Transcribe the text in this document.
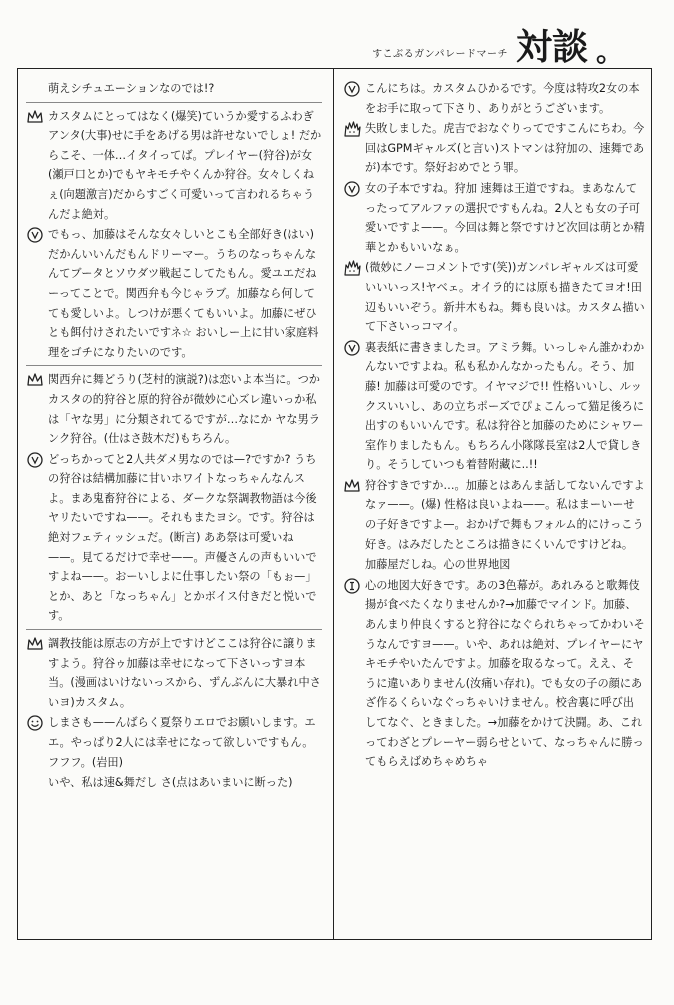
すこぶるガンパレードマーチ 対談 。

萌えシチュエーションなのでは!?

カスタムにとってはなく(爆笑)ていうか愛するふわぎアンタ(大事)せに手をあげる男は許せないでしょ! だからこそ、一体…イタイってば。プレイヤー(狩谷)が女(瀬戸口とか)でもヤキモチやくんか狩谷。女々しくねぇ(向題激言)だからすごく可愛いって言われるちゃうんだよ絶対。

でもっ、加藤はそんな女々しいとこも全部好き(はい)だかんいいんだもんドリーマー。うちのなっちゃんなんてブータとソウダツ戦起こしてたもん。愛ユエだねーってことで。関西弁も今じゃラブ。加藤なら何してても愛しいよ。しつけが悪くてもいいよ。加藤にぜひとも餌付けされたいですネ☆ おいしー上に甘い家庭料理をゴチになりたいのです。

関西弁に舞どうり(芝村的演説?)は恋いよ本当に。つかカスタの的狩谷と原的狩谷が微妙に心ズレ違いっか私は「ヤな男」に分類されてるですが…なにか ヤな男ランク狩谷。(仕はさ鼓木だ)もちろん。

どっちかってと2人共ダメ男なのでは—?ですか? うちの狩谷は結構加藤に甘いホワイトなっちゃんなんスよ。まあ鬼畜狩谷による、ダークな祭調教物語は今後ヤリたいですね——。それもまたヨシ。です。狩谷は絶対フェティッシュだ。(断言) ああ祭は可愛いね——。見てるだけで幸せ——。声優さんの声もいいですよね——。おーいしよに仕事したい祭の「もぉ—」とか、あと「なっちゃん」とかボイス付きだと悦いです。

調教技能は原志の方が上ですけどここは狩谷に譲りますよう。狩谷ゥ加藤は幸せになって下さいっすヨ本当。(漫画はいけないっスから、ずんぶんに大暴れ中さいヨ)カスタム。

しまさも——んばらく夏祭りエロでお願いします。エエ。やっぱり2人には幸せになって欲しいですもん。フフフ。(岩田)

いや、私は速&舞だし さ(点はあいまいに断った)

こんにちは。カスタムひかるです。今度は特攻2女の本をお手に取って下さり、ありがとうございます。

失敗しました。虎吉でおなぐりってですこんにちわ。今回はGPMギャルズ(と言い)ストマンは狩加の、速舞であが)本です。祭好おめでとう罪。

女の子本ですね。狩加 速舞は王道ですね。まあなんてったってアルファの選択ですもんね。2人とも女の子可愛いですよ——。今回は舞と祭ですけど次回は萌とか精華とかもいいなぁ。

(微妙にノーコメントです(笑))ガンパレギャルズは可愛いいいっス!ヤベェ。オイラ的には原も描きたてヨオ!田辺もいいぞう。新井木もね。舞も良いは。カスタム描いて下さいっコマイ。

裏表紙に書きましたヨ。アミラ舞。いっしゃん誰かわかんないですよね。私も私かんなかったもん。そう、加藤! 加藤は可愛のです。イヤマジで!! 性格いいし、ルックスいいし、あの立ちポーズでぴょこんって猫足後ろに出すのもいいんです。私は狩谷と加藤のためにシャワー室作りましたもん。もちろん小隊隊長室は2人で貸しきり。そうしていつも着替附藏に..!!

狩谷すきですか…。加藤とはあんま話してないんですよなァ——。(爆) 性格は良いよね——。私はまーいーせの子好きですよ—。おかげで舞もフォルム的にけっこう好き。はみだしたところは描きにくいんですけどね。

加藤屋だしね。心の世界地図

心の地図大好きです。あの3色幕が。あれみると歌舞伎揚が食べたくなりませんか?→加藤でマインド。加藤、あんまり仲良くすると狩谷になぐられちゃってかわいそうなんですヨ——。いや、あれは絶対、プレイヤーにヤキモチやいたんですよ。加藤を取るなって。ええ、そうに違いありません(汝痛い存れ)。でも女の子の顔にあざ作るくらいなぐっちゃいけません。校舎裏に呼び出してなぐ、ときました。→加藤をかけて決闘。あ、これってわざとプレーヤー弱らせといて、なっちゃんに勝ってもらえばめちゃめちゃ
